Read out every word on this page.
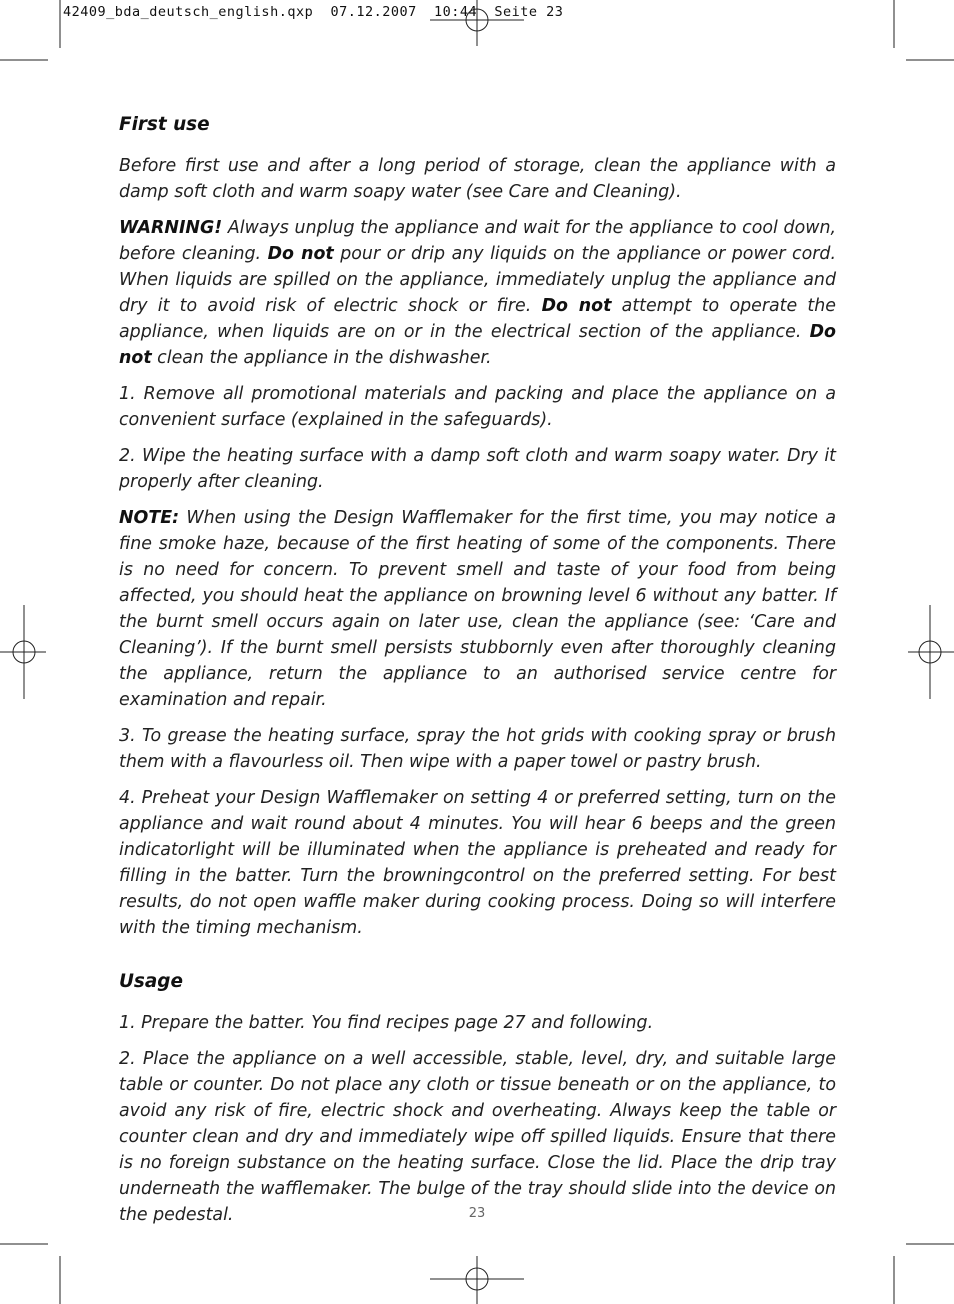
42409_bda_deutsch_english.qxp  07.12.2007  10:44  Seite 23
First use

Before first use and after a long period of storage, clean the appliance with a damp soft cloth and warm soapy water (see Care and Cleaning).

WARNING! Always unplug the appliance and wait for the appliance to cool down, before cleaning. Do not pour or drip any liquids on the appliance or power cord. When liquids are spilled on the appliance, immediately unplug the appliance and dry it to avoid risk of electric shock or fire. Do not attempt to operate the appliance, when liquids are on or in the electrical section of the appliance. Do not clean the appliance in the dishwasher.

1. Remove all promotional materials and packing and place the appliance on a convenient surface (explained in the safeguards).

2. Wipe the heating surface with a damp soft cloth and warm soapy water. Dry it properly after cleaning.

NOTE: When using the Design Wafflemaker for the first time, you may notice a fine smoke haze, because of the first heating of some of the components. There is no need for concern. To prevent smell and taste of your food from being affected, you should heat the appliance on browning level 6 without any batter. If the burnt smell occurs again on later use, clean the appliance (see: ‘Care and Cleaning’). If the burnt smell persists stubbornly even after thoroughly cleaning the appliance, return the appliance to an authorised service centre for examination and repair.

3. To grease the heating surface, spray the hot grids with cooking spray or brush them with a flavourless oil. Then wipe with a paper towel or pastry brush.

4. Preheat your Design Wafflemaker on setting 4 or preferred setting, turn on the appliance and wait round about 4 minutes. You will hear 6 beeps and the green indicatorlight will be illuminated when the appliance is preheated and ready for filling in the batter. Turn the browningcontrol on the preferred setting. For best results, do not open waffle maker during cooking process. Doing so will interfere with the timing mechanism.

Usage

1. Prepare the batter. You find recipes page 27 and following.

2. Place the appliance on a well accessible, stable, level, dry, and suitable large table or counter. Do not place any cloth or tissue beneath or on the appliance, to avoid any risk of fire, electric shock and overheating. Always keep the table or counter clean and dry and immediately wipe off spilled liquids. Ensure that there is no foreign substance on the heating surface. Close the lid. Place the drip tray underneath the wafflemaker. The bulge of the tray should slide into the device on the pedestal.	23
